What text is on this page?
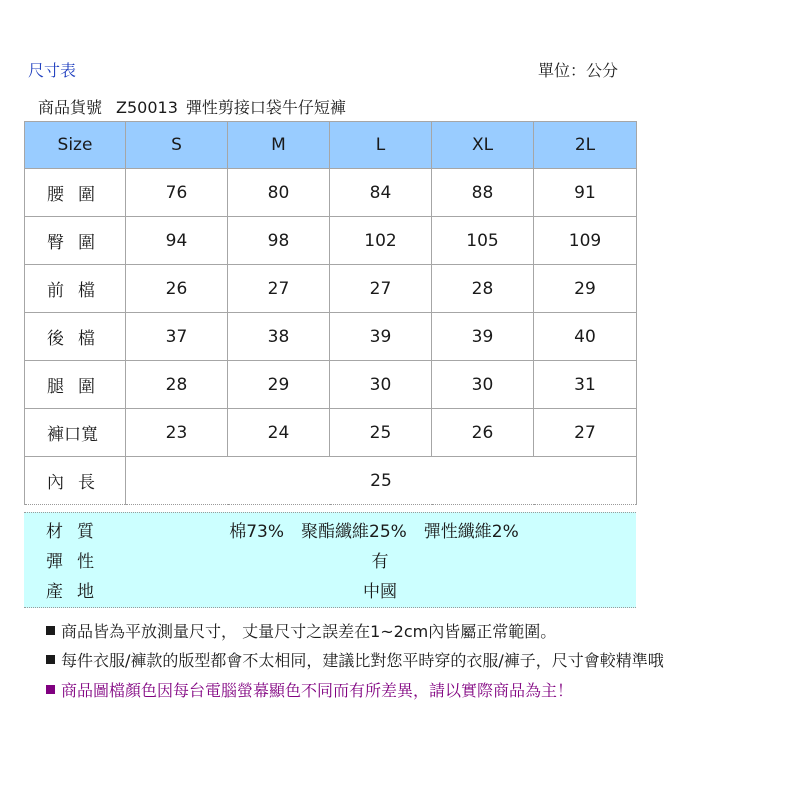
尺寸表	單位：公分
商品貨號 Z50013 彈性剪接口袋牛仔短褲
Size	S	M	L	XL	2L
腰圍	76	80	84	88	91
臀圍	94	98	102	105	109
前檔	26	27	27	28	29
後檔	37	38	39	39	40
腿圍	28	29	30	30	31
褲口寬	23	24	25	26	27
內長	25				
材質	棉73%　聚酯纖維25%　彈性纖維2%
彈性	有
產地	中國
商品皆為平放測量尺寸， 丈量尺寸之誤差在1~2cm內皆屬正常範圍。
每件衣服/褲款的版型都會不太相同，建議比對您平時穿的衣服/褲子，尺寸會較精準哦
商品圖檔顏色因每台電腦螢幕顯色不同而有所差異，請以實際商品為主！
